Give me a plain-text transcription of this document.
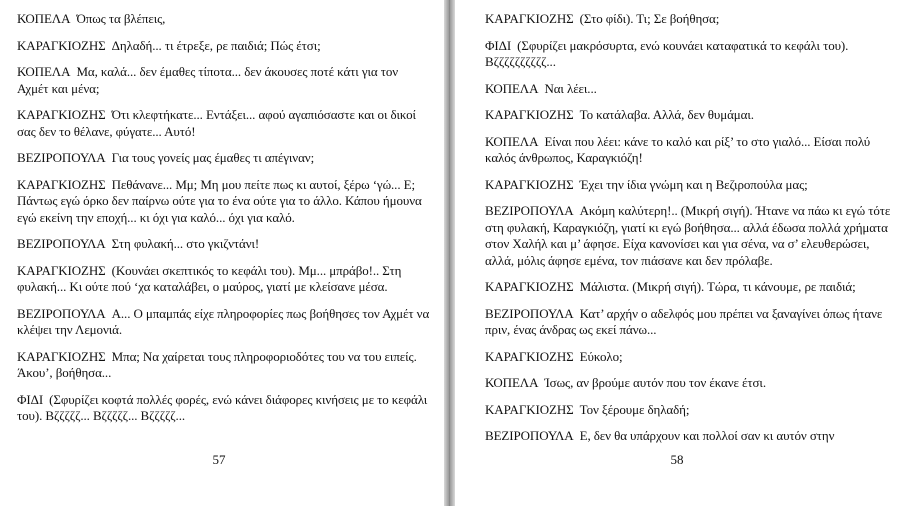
ΚΟΠΕΛΑ Όπως τα βλέπεις,

ΚΑΡΑΓΚΙΟΖΗΣ Δηλαδή... τι έτρεξε, ρε παιδιά; Πώς έτσι;

ΚΟΠΕΛΑ Μα, καλά... δεν έμαθες τίποτα... δεν άκουσες ποτέ κάτι για τον Αχμέτ και μένα;

ΚΑΡΑΓΚΙΟΖΗΣ Ότι κλεφτήκατε... Εντάξει... αφού αγαπιόσαστε και οι δικοί σας δεν το θέλανε, φύγατε... Αυτό!

ΒΕΖΙΡΟΠΟΥΛΑ Για τους γονείς μας έμαθες τι απέγιναν;

ΚΑΡΑΓΚΙΟΖΗΣ Πεθάνανε... Μμ; Μη μου πείτε πως κι αυτοί, ξέρω ‘γώ... Ε; Πάντως εγώ όρκο δεν παίρνω ούτε για το ένα ούτε για το άλλο. Κάπου ήμουνα εγώ εκείνη την εποχή... κι όχι για καλό... όχι για καλό.

ΒΕΖΙΡΟΠΟΥΛΑ Στη φυλακή... στο γκιζντάνι!

ΚΑΡΑΓΚΙΟΖΗΣ (Κουνάει σκεπτικός το κεφάλι του). Μμ... μπράβο!.. Στη φυλακή... Κι ούτε πού ‘χα καταλάβει, ο μαύρος, γιατί με κλείσανε μέσα.

ΒΕΖΙΡΟΠΟΥΛΑ Α... Ο μπαμπάς είχε πληροφορίες πως βοήθησες τον Αχμέτ να κλέψει την Λεμονιά.

ΚΑΡΑΓΚΙΟΖΗΣ Μπα; Να χαίρεται τους πληροφοριοδότες του να του ειπείς. Άκου’, βοήθησα...

ΦΙΔΙ (Σφυρίζει κοφτά πολλές φορές, ενώ κάνει διάφορες κινήσεις με το κεφάλι του). Βζζζζζ... Βζζζζζ... Βζζζζζ...

57

ΚΑΡΑΓΚΙΟΖΗΣ (Στο φίδι). Τι; Σε βοήθησα;

ΦΙΔΙ (Σφυρίζει μακρόσυρτα, ενώ κουνάει καταφατικά το κεφάλι του). Βζζζζζζζζζζ...

ΚΟΠΕΛΑ Ναι λέει...

ΚΑΡΑΓΚΙΟΖΗΣ Το κατάλαβα. Αλλά, δεν θυμάμαι.

ΚΟΠΕΛΑ Είναι που λέει: κάνε το καλό και ρίξ’ το στο γιαλό... Είσαι πολύ καλός άνθρωπος, Καραγκιόζη!

ΚΑΡΑΓΚΙΟΖΗΣ Έχει την ίδια γνώμη και η Βεζιροπούλα μας;

ΒΕΖΙΡΟΠΟΥΛΑ Ακόμη καλύτερη!.. (Μικρή σιγή). Ήτανε να πάω κι εγώ τότε στη φυλακή, Καραγκιόζη, γιατί κι εγώ βοήθησα... αλλά έδωσα πολλά χρήματα στον Χαλήλ και μ’ άφησε. Είχα κανονίσει και για σένα, να σ’ ελευθερώσει, αλλά, μόλις άφησε εμένα, τον πιάσανε και δεν πρόλαβε.

ΚΑΡΑΓΚΙΟΖΗΣ Μάλιστα. (Μικρή σιγή). Τώρα, τι κάνουμε, ρε παιδιά;

ΒΕΖΙΡΟΠΟΥΛΑ Κατ’ αρχήν ο αδελφός μου πρέπει να ξαναγίνει όπως ήτανε πριν, ένας άνδρας ως εκεί πάνω...

ΚΑΡΑΓΚΙΟΖΗΣ Εύκολο;

ΚΟΠΕΛΑ Ίσως, αν βρούμε αυτόν που τον έκανε έτσι.

ΚΑΡΑΓΚΙΟΖΗΣ Τον ξέρουμε δηλαδή;

ΒΕΖΙΡΟΠΟΥΛΑ Ε, δεν θα υπάρχουν και πολλοί σαν κι αυτόν στην

58
